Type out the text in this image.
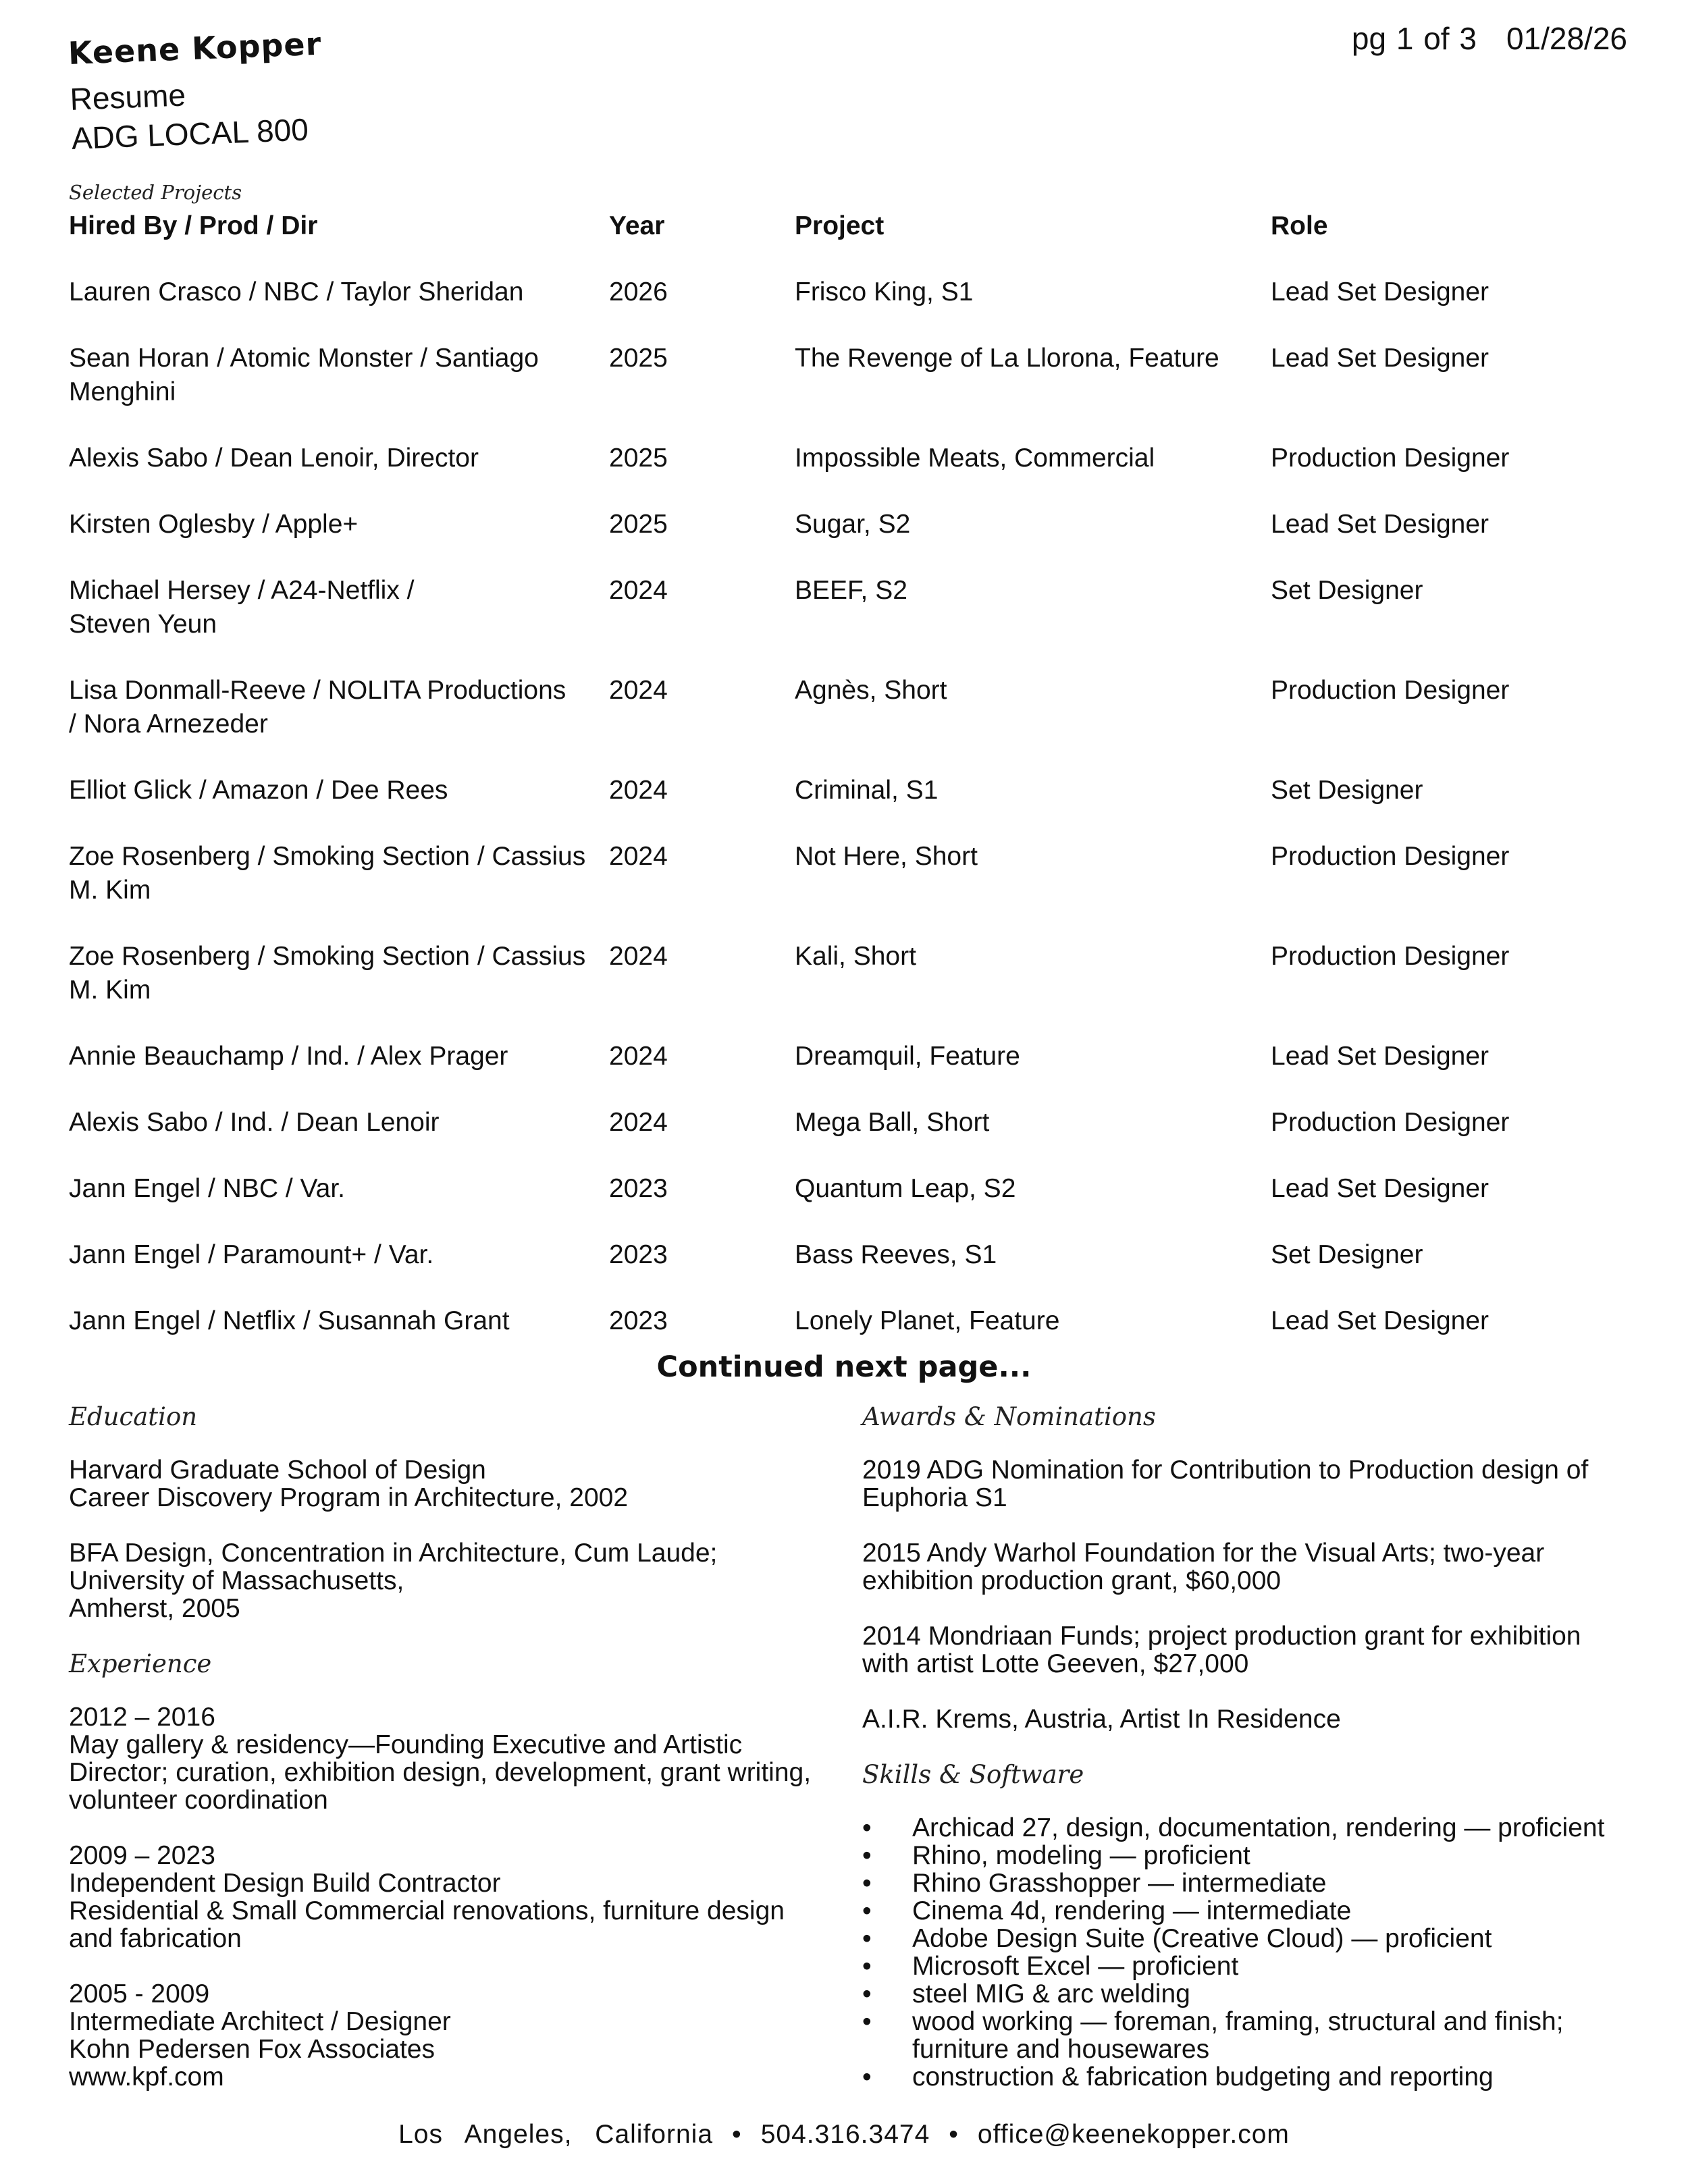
Keene Kopper
Resume
ADG LOCAL 800
pg 1 of 3 01/28/26
Selected Projects
Hired By / Prod / Dir	Year	Project	Role
Lauren Crasco / NBC / Taylor Sheridan	2026	Frisco King, S1	Lead Set Designer
Sean Horan / Atomic Monster / Santiago
Menghini
2025	The Revenge of La Llorona, Feature	Lead Set Designer
Alexis Sabo / Dean Lenoir, Director	2025	Impossible Meats, Commercial	Production Designer
Kirsten Oglesby / Apple+	2025	Sugar, S2	Lead Set Designer
Michael Hersey / A24-Netflix /
Steven Yeun
2024	BEEF, S2	Set Designer
Lisa Donmall-Reeve / NOLITA Productions
/ Nora Arnezeder
2024	Agnès, Short	Production Designer
Elliot Glick / Amazon / Dee Rees	2024	Criminal, S1	Set Designer
Zoe Rosenberg / Smoking Section / Cassius
M. Kim
2024	Not Here, Short	Production Designer
Zoe Rosenberg / Smoking Section / Cassius
M. Kim
2024	Kali, Short	Production Designer
Annie Beauchamp / Ind. / Alex Prager	2024	Dreamquil, Feature	Lead Set Designer
Alexis Sabo / Ind. / Dean Lenoir	2024	Mega Ball, Short	Production Designer
Jann Engel / NBC / Var.	2023	Quantum Leap, S2	Lead Set Designer
Jann Engel / Paramount+ / Var.	2023	Bass Reeves, S1	Set Designer
Jann Engel / Netflix / Susannah Grant	2023	Lonely Planet, Feature	Lead Set Designer
Continued next page...
Education
Harvard Graduate School of Design
Career Discovery Program in Architecture, 2002
BFA Design, Concentration in Architecture, Cum Laude;
University of Massachusetts,
Amherst, 2005
Experience
2012 – 2016
May gallery & residency—Founding Executive and Artistic
Director; curation, exhibition design, development, grant writing,
volunteer coordination
2009 – 2023
Independent Design Build Contractor
Residential & Small Commercial renovations, furniture design
and fabrication
2005 - 2009
Intermediate Architect / Designer
Kohn Pedersen Fox Associates
www.kpf.com
Awards & Nominations
2019 ADG Nomination for Contribution to Production design of
Euphoria S1
2015 Andy Warhol Foundation for the Visual Arts; two-year
exhibition production grant, $60,000
2014 Mondriaan Funds; project production grant for exhibition
with artist Lotte Geeven, $27,000
A.I.R. Krems, Austria, Artist In Residence
Skills & Software
• Archicad 27, design, documentation, rendering — proficient
• Rhino, modeling — proficient
• Rhino Grasshopper — intermediate
• Cinema 4d, rendering — intermediate
• Adobe Design Suite (Creative Cloud) — proficient
• Microsoft Excel — proficient
• steel MIG & arc welding
• wood working — foreman, framing, structural and finish;
furniture and housewares
• construction & fabrication budgeting and reporting
Los Angeles, California • 504.316.3474 • office@keenekopper.com
